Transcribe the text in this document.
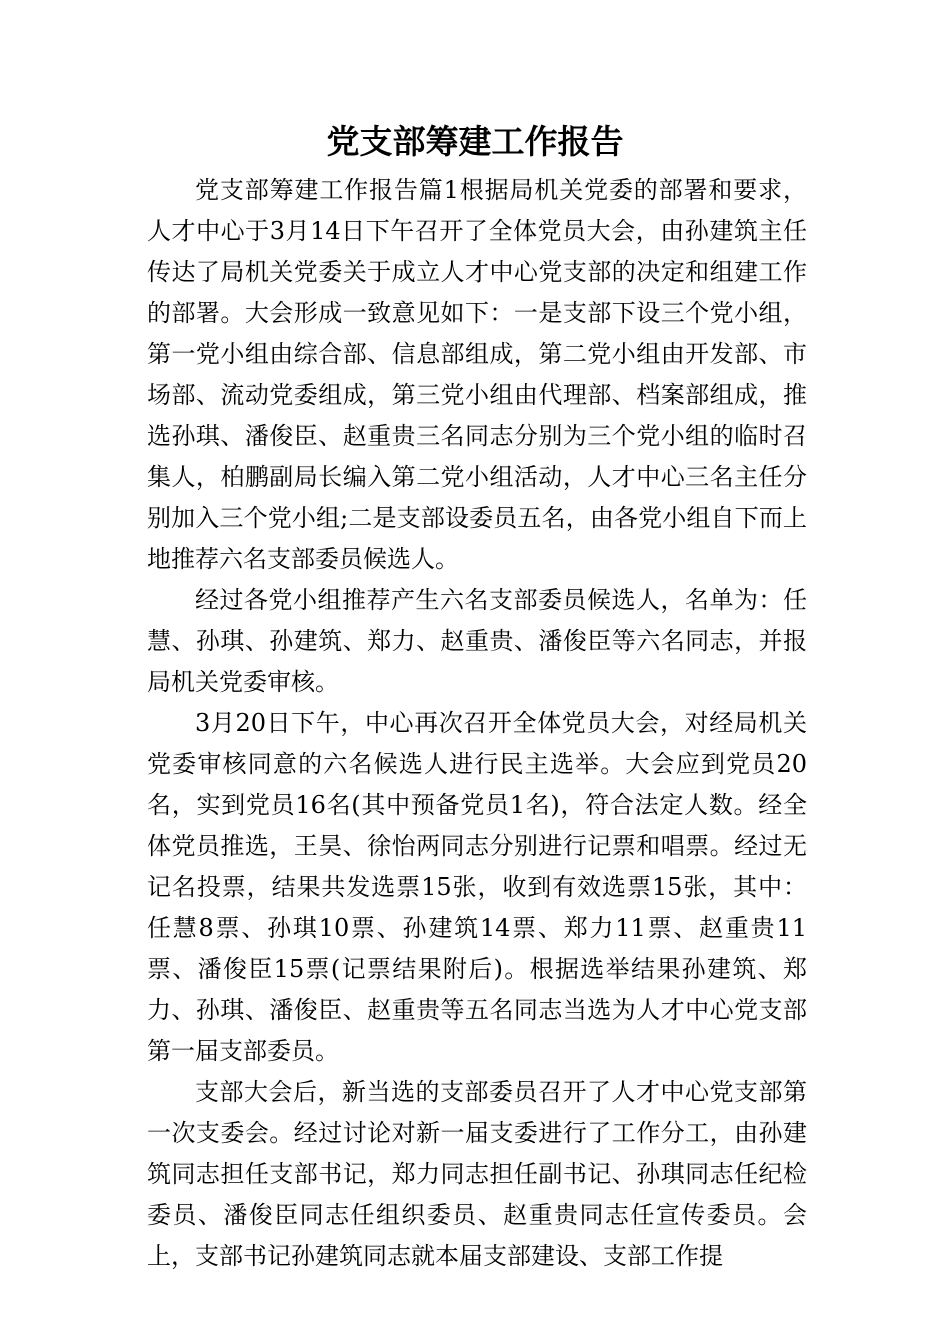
党支部筹建工作报告

党支部筹建工作报告篇1根据局机关党委的部署和要求，人才中心于3月14日下午召开了全体党员大会，由孙建筑主任传达了局机关党委关于成立人才中心党支部的决定和组建工作的部署。大会形成一致意见如下：一是支部下设三个党小组，第一党小组由综合部、信息部组成，第二党小组由开发部、市场部、流动党委组成，第三党小组由代理部、档案部组成，推选孙琪、潘俊臣、赵重贵三名同志分别为三个党小组的临时召集人，柏鹏副局长编入第二党小组活动，人才中心三名主任分别加入三个党小组;二是支部设委员五名，由各党小组自下而上地推荐六名支部委员候选人。

经过各党小组推荐产生六名支部委员候选人，名单为：任慧、孙琪、孙建筑、郑力、赵重贵、潘俊臣等六名同志，并报局机关党委审核。

3月20日下午，中心再次召开全体党员大会，对经局机关党委审核同意的六名候选人进行民主选举。大会应到党员20名，实到党员16名(其中预备党员1名)，符合法定人数。经全体党员推选，王昊、徐怡两同志分别进行记票和唱票。经过无记名投票，结果共发选票15张，收到有效选票15张，其中：任慧8票、孙琪10票、孙建筑14票、郑力11票、赵重贵11票、潘俊臣15票(记票结果附后)。根据选举结果孙建筑、郑力、孙琪、潘俊臣、赵重贵等五名同志当选为人才中心党支部第一届支部委员。

支部大会后，新当选的支部委员召开了人才中心党支部第一次支委会。经过讨论对新一届支委进行了工作分工，由孙建筑同志担任支部书记，郑力同志担任副书记、孙琪同志任纪检委员、潘俊臣同志任组织委员、赵重贵同志任宣传委员。会上，支部书记孙建筑同志就本届支部建设、支部工作提
